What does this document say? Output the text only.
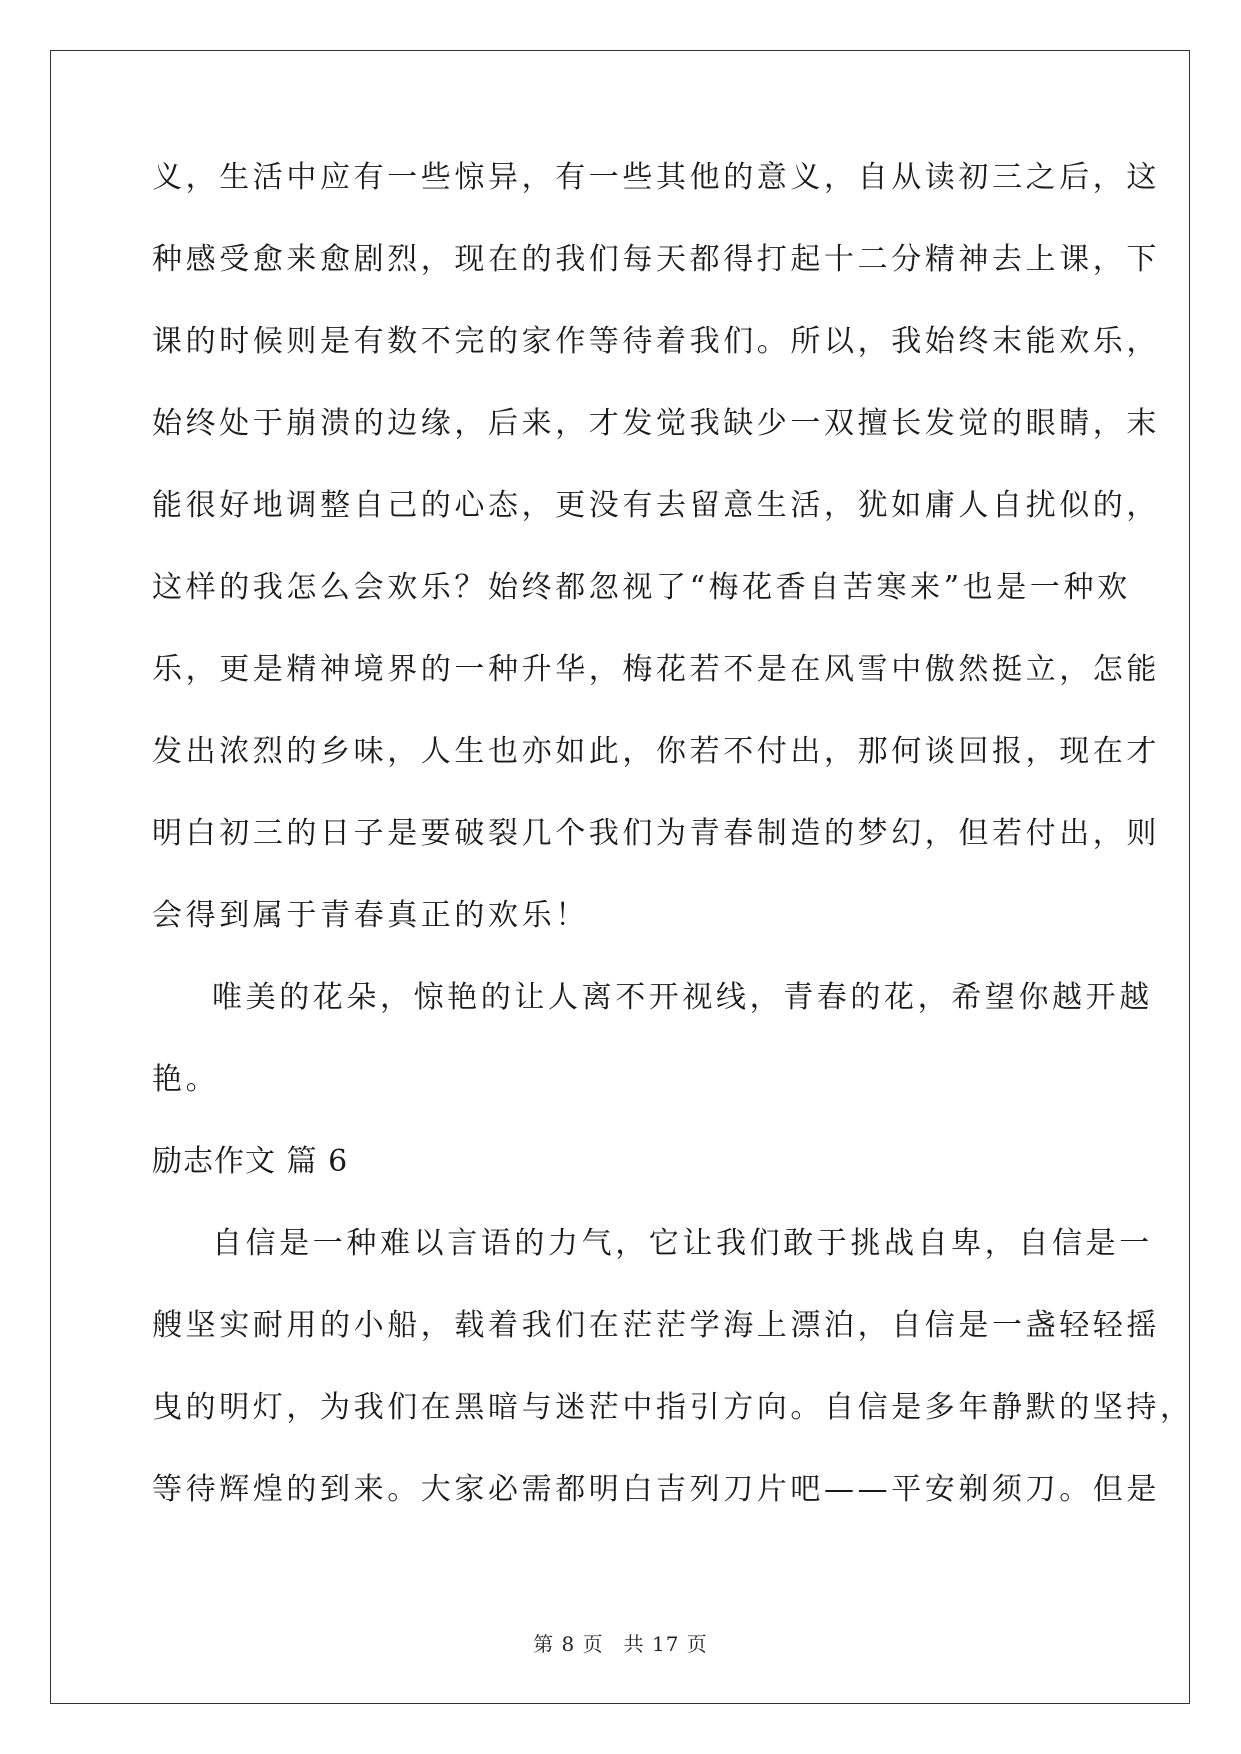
义，生活中应有一些惊异，有一些其他的意义，自从读初三之后，这
种感受愈来愈剧烈，现在的我们每天都得打起十二分精神去上课，下
课的时候则是有数不完的家作等待着我们。所以，我始终末能欢乐，
始终处于崩溃的边缘，后来，才发觉我缺少一双擅长发觉的眼睛，末
能很好地调整自己的心态，更没有去留意生活，犹如庸人自扰似的，
这样的我怎么会欢乐？始终都忽视了“梅花香自苦寒来”也是一种欢
乐，更是精神境界的一种升华，梅花若不是在风雪中傲然挺立，怎能
发出浓烈的乡味，人生也亦如此，你若不付出，那何谈回报，现在才
明白初三的日子是要破裂几个我们为青春制造的梦幻，但若付出，则
会得到属于青春真正的欢乐！
唯美的花朵，惊艳的让人离不开视线，青春的花，希望你越开越
艳。
励志作文 篇 6
自信是一种难以言语的力气，它让我们敢于挑战自卑，自信是一
艘坚实耐用的小船，载着我们在茫茫学海上漂泊，自信是一盏轻轻摇
曳的明灯，为我们在黑暗与迷茫中指引方向。自信是多年静默的坚持，
等待辉煌的到来。大家必需都明白吉列刀片吧——平安剃须刀。但是
第 8 页 共 17 页
